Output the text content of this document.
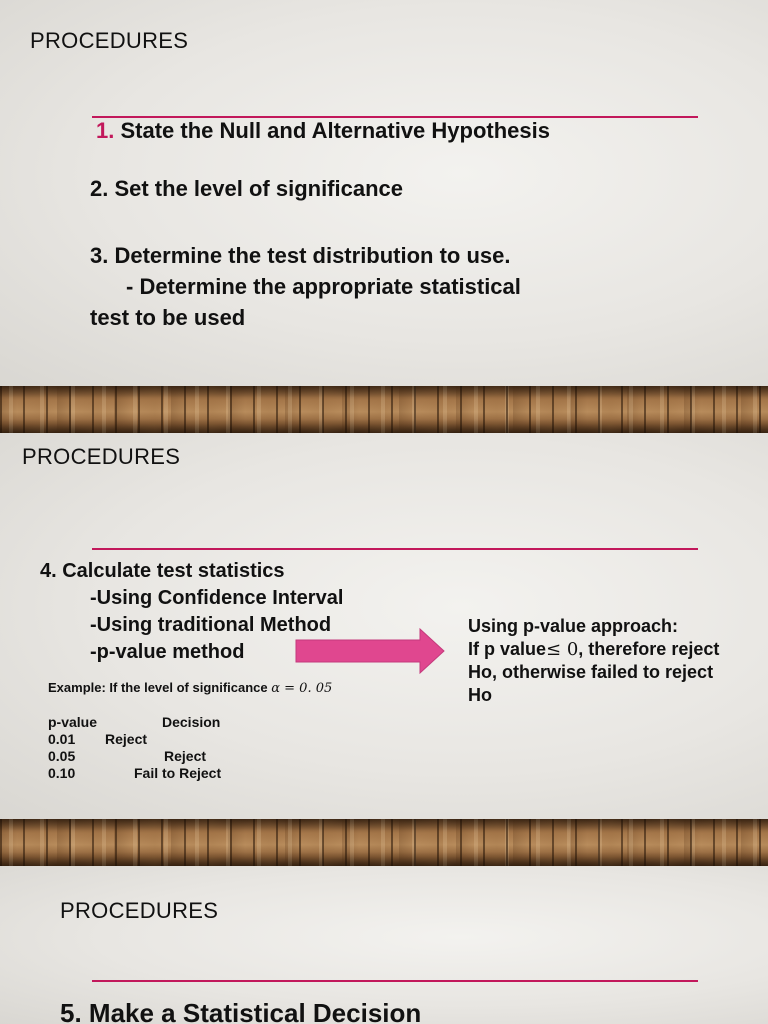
PROCEDURES
1. State the Null and Alternative Hypothesis
2. Set the level of significance
3. Determine the test distribution to use.
- Determine the appropriate statistical
test to be used
PROCEDURES
4. Calculate test statistics
-Using Confidence Interval
-Using traditional Method
-p-value method
Using p-value approach:
If p value≤ 0, therefore reject
Ho, otherwise failed to reject
Ho
Example: If the level of significance α = 0. 05
p-value	Decision
0.01 Reject
0.05	Reject
0.10	Fail to Reject
PROCEDURES
5. Make a Statistical Decision
